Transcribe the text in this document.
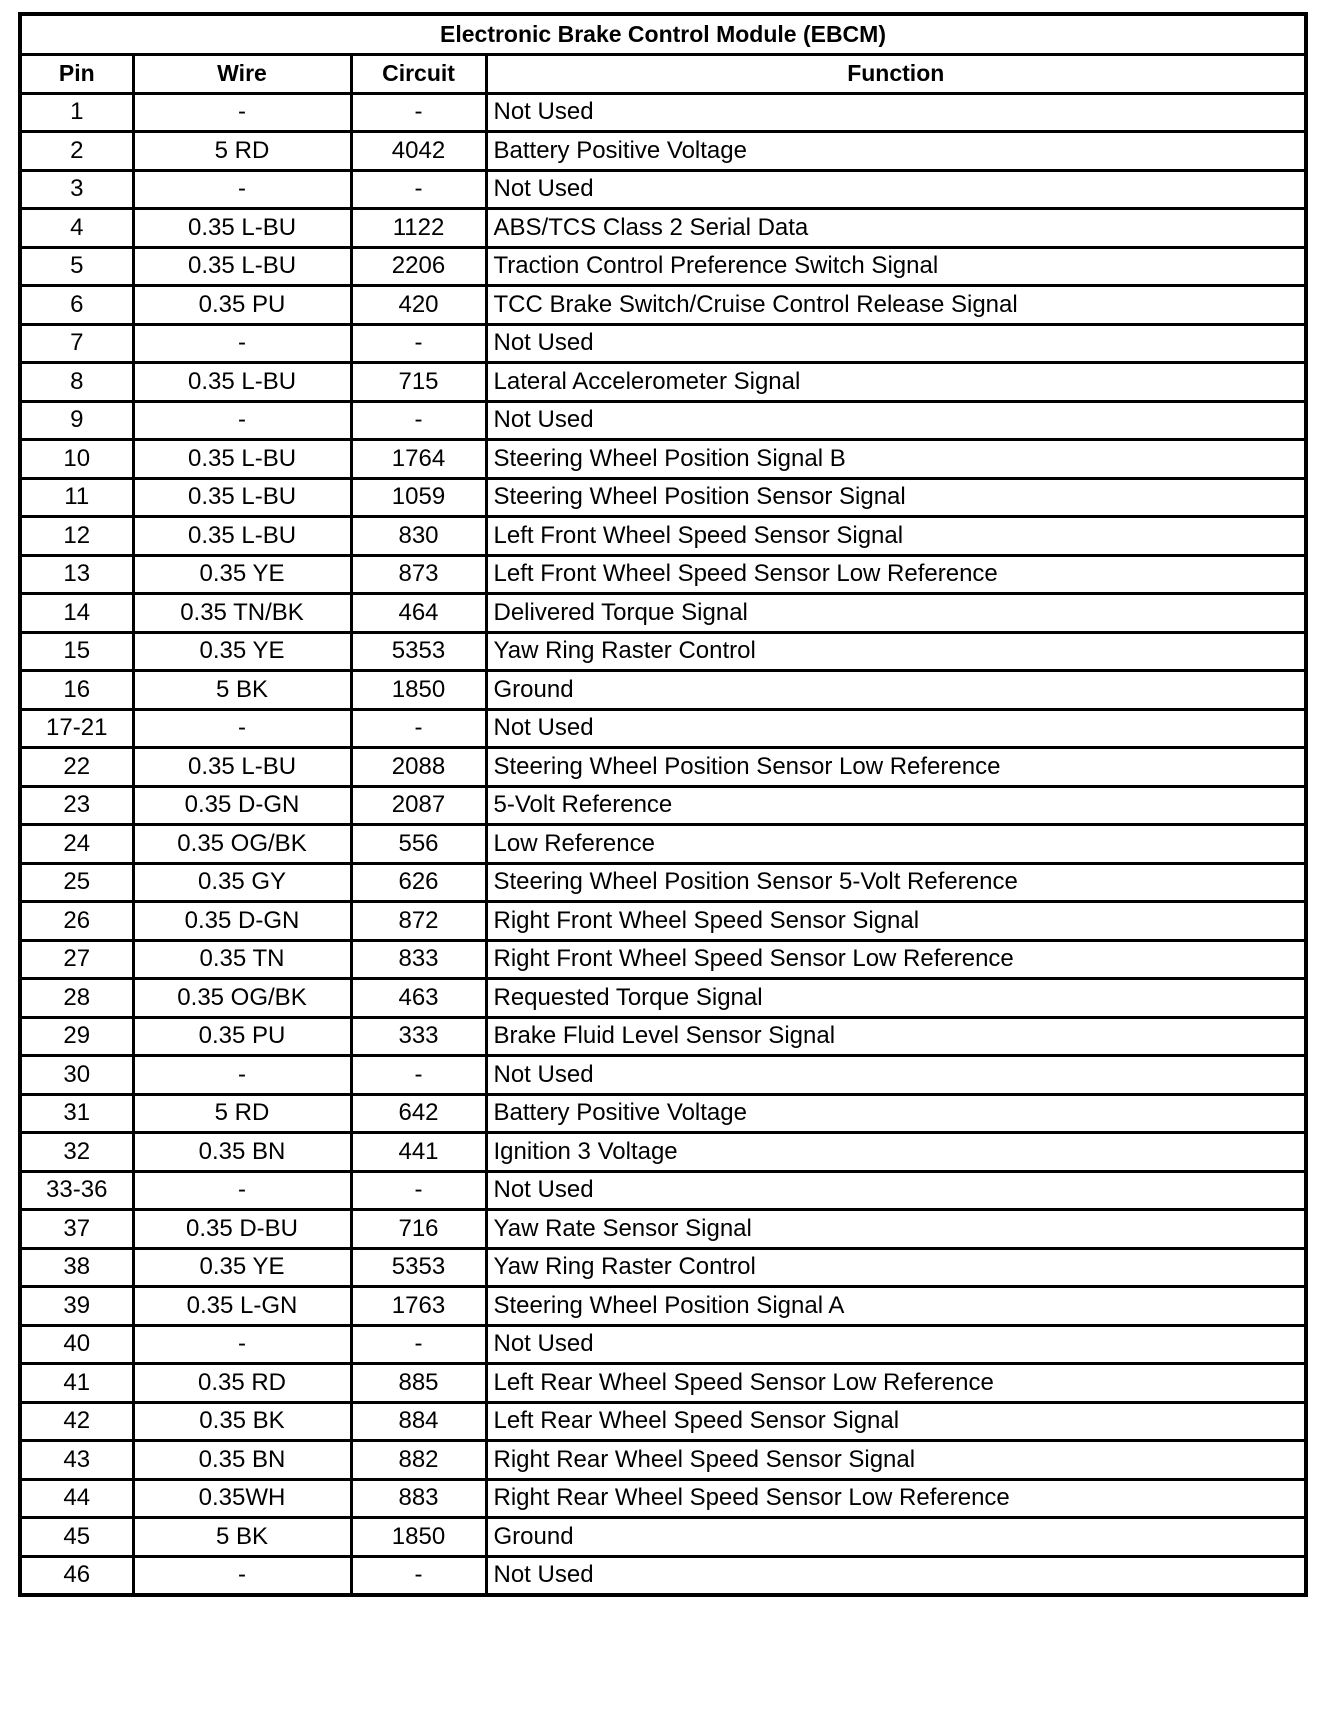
Electronic Brake Control Module (EBCM)			
Pin	Wire	Circuit	Function
1	-	-	Not Used
2	5 RD	4042	Battery Positive Voltage
3	-	-	Not Used
4	0.35 L-BU	1122	ABS/TCS Class 2 Serial Data
5	0.35 L-BU	2206	Traction Control Preference Switch Signal
6	0.35 PU	420	TCC Brake Switch/Cruise Control Release Signal
7	-	-	Not Used
8	0.35 L-BU	715	Lateral Accelerometer Signal
9	-	-	Not Used
10	0.35 L-BU	1764	Steering Wheel Position Signal B
11	0.35 L-BU	1059	Steering Wheel Position Sensor Signal
12	0.35 L-BU	830	Left Front Wheel Speed Sensor Signal
13	0.35 YE	873	Left Front Wheel Speed Sensor Low Reference
14	0.35 TN/BK	464	Delivered Torque Signal
15	0.35 YE	5353	Yaw Ring Raster Control
16	5 BK	1850	Ground
17-21	-	-	Not Used
22	0.35 L-BU	2088	Steering Wheel Position Sensor Low Reference
23	0.35 D-GN	2087	5-Volt Reference
24	0.35 OG/BK	556	Low Reference
25	0.35 GY	626	Steering Wheel Position Sensor 5-Volt Reference
26	0.35 D-GN	872	Right Front Wheel Speed Sensor Signal
27	0.35 TN	833	Right Front Wheel Speed Sensor Low Reference
28	0.35 OG/BK	463	Requested Torque Signal
29	0.35 PU	333	Brake Fluid Level Sensor Signal
30	-	-	Not Used
31	5 RD	642	Battery Positive Voltage
32	0.35 BN	441	Ignition 3 Voltage
33-36	-	-	Not Used
37	0.35 D-BU	716	Yaw Rate Sensor Signal
38	0.35 YE	5353	Yaw Ring Raster Control
39	0.35 L-GN	1763	Steering Wheel Position Signal A
40	-	-	Not Used
41	0.35 RD	885	Left Rear Wheel Speed Sensor Low Reference
42	0.35 BK	884	Left Rear Wheel Speed Sensor Signal
43	0.35 BN	882	Right Rear Wheel Speed Sensor Signal
44	0.35WH	883	Right Rear Wheel Speed Sensor Low Reference
45	5 BK	1850	Ground
46	-	-	Not Used
